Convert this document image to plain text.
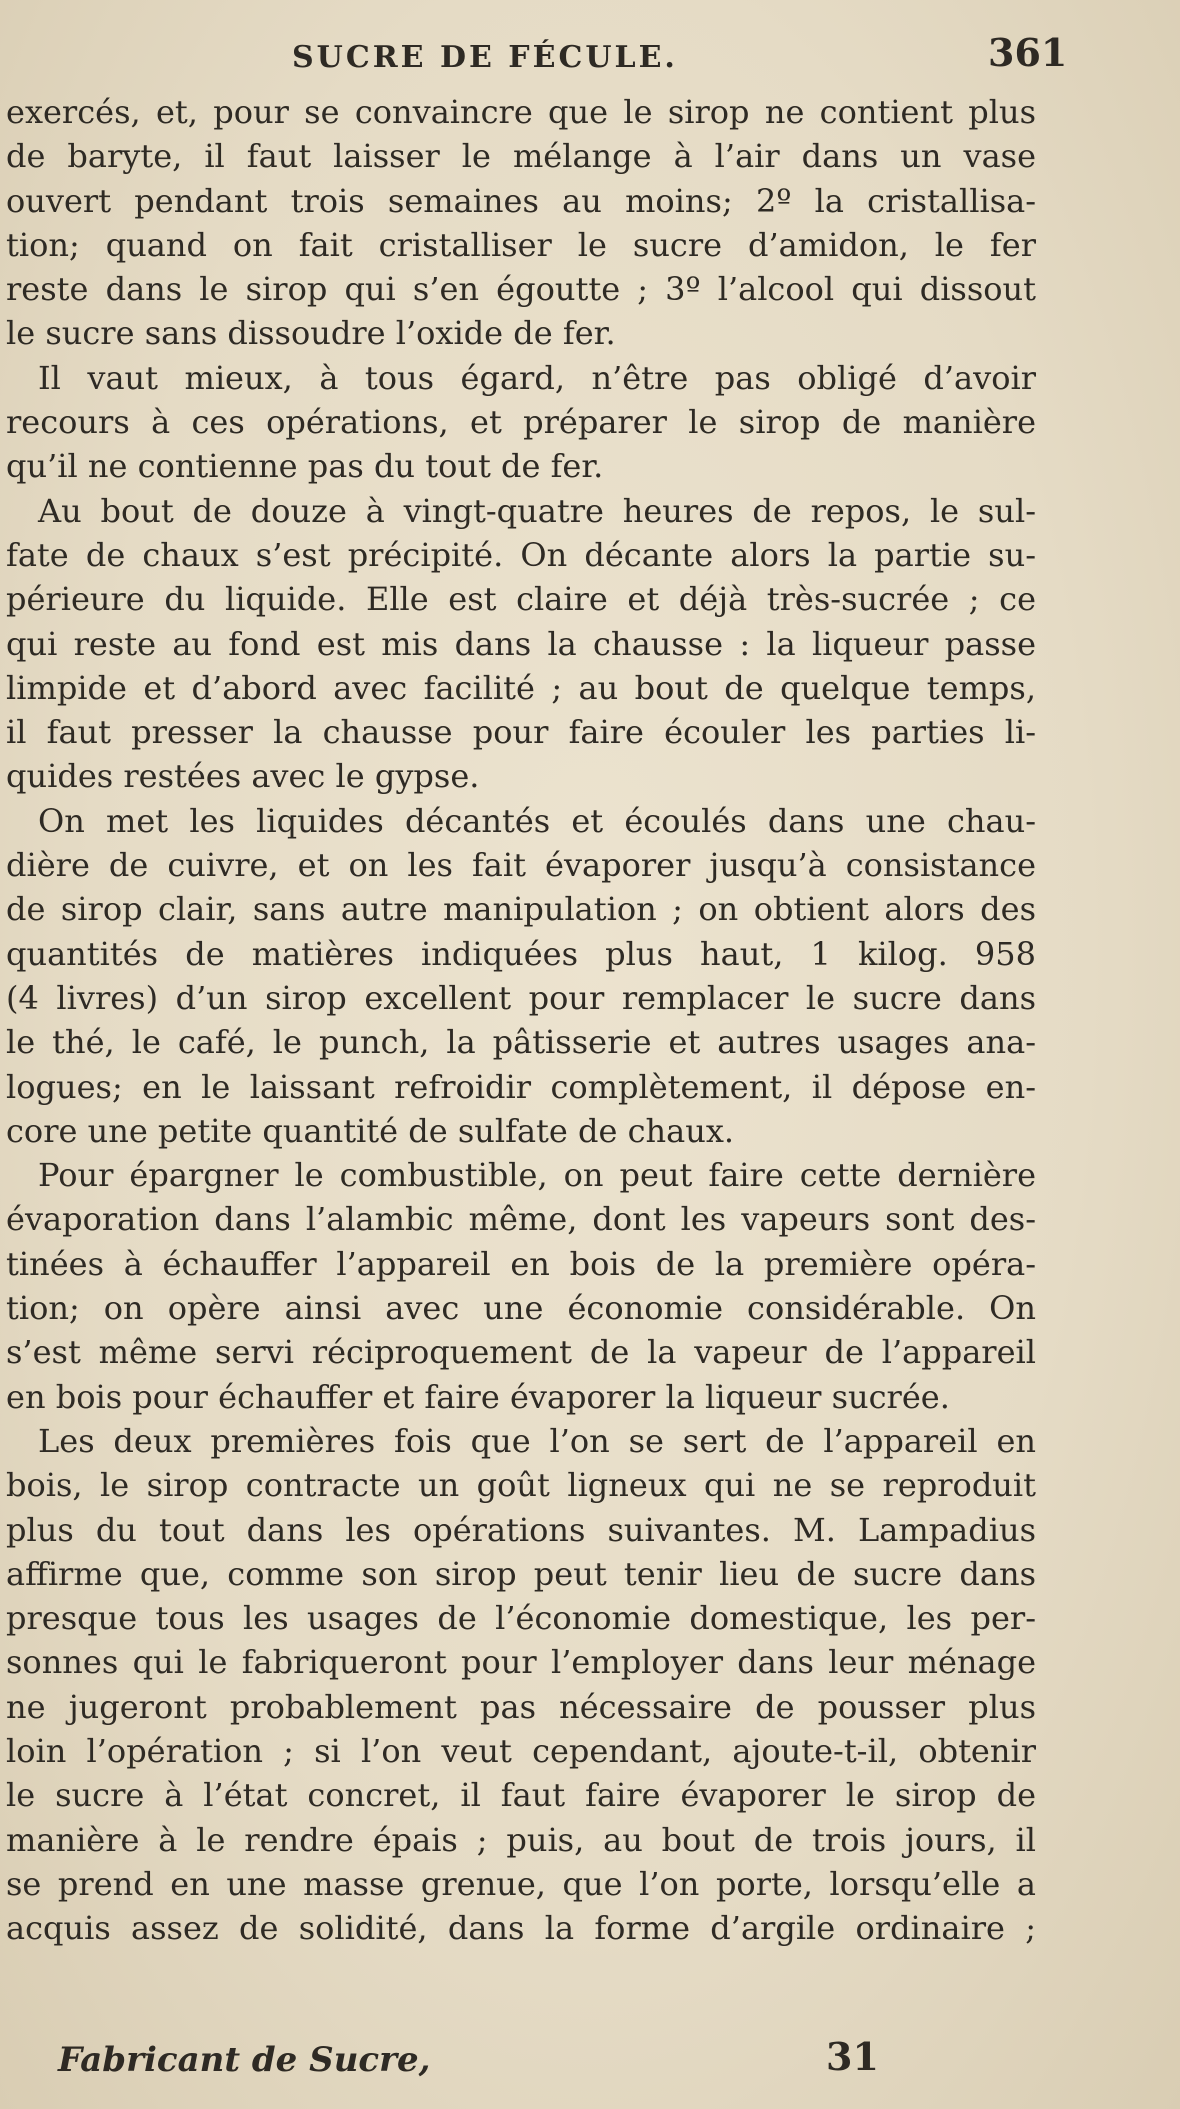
SUCRE DE FÉCULE.	361
exercés, et, pour se convaincre que le sirop ne contient plus
de baryte, il faut laisser le mélange à l’air dans un vase
ouvert pendant trois semaines au moins; 2º la cristallisa-
tion; quand on fait cristalliser le sucre d’amidon, le fer
reste dans le sirop qui s’en égoutte ; 3º l’alcool qui dissout
le sucre sans dissoudre l’oxide de fer.
Il vaut mieux, à tous égard, n’être pas obligé d’avoir
recours à ces opérations, et préparer le sirop de manière
qu’il ne contienne pas du tout de fer.
Au bout de douze à vingt-quatre heures de repos, le sul-
fate de chaux s’est précipité. On décante alors la partie su-
périeure du liquide. Elle est claire et déjà très-sucrée ; ce
qui reste au fond est mis dans la chausse : la liqueur passe
limpide et d’abord avec facilité ; au bout de quelque temps,
il faut presser la chausse pour faire écouler les parties li-
quides restées avec le gypse.
On met les liquides décantés et écoulés dans une chau-
dière de cuivre, et on les fait évaporer jusqu’à consistance
de sirop clair, sans autre manipulation ; on obtient alors des
quantités de matières indiquées plus haut, 1 kilog. 958
(4 livres) d’un sirop excellent pour remplacer le sucre dans
le thé, le café, le punch, la pâtisserie et autres usages ana-
logues; en le laissant refroidir complètement, il dépose en-
core une petite quantité de sulfate de chaux.
Pour épargner le combustible, on peut faire cette dernière
évaporation dans l’alambic même, dont les vapeurs sont des-
tinées à échauffer l’appareil en bois de la première opéra-
tion; on opère ainsi avec une économie considérable. On
s’est même servi réciproquement de la vapeur de l’appareil
en bois pour échauffer et faire évaporer la liqueur sucrée.
Les deux premières fois que l’on se sert de l’appareil en
bois, le sirop contracte un goût ligneux qui ne se reproduit
plus du tout dans les opérations suivantes. M. Lampadius
affirme que, comme son sirop peut tenir lieu de sucre dans
presque tous les usages de l’économie domestique, les per-
sonnes qui le fabriqueront pour l’employer dans leur ménage
ne jugeront probablement pas nécessaire de pousser plus
loin l’opération ; si l’on veut cependant, ajoute-t-il, obtenir
le sucre à l’état concret, il faut faire évaporer le sirop de
manière à le rendre épais ; puis, au bout de trois jours, il
se prend en une masse grenue, que l’on porte, lorsqu’elle a
acquis assez de solidité, dans la forme d’argile ordinaire ;
Fabricant de Sucre,	31
